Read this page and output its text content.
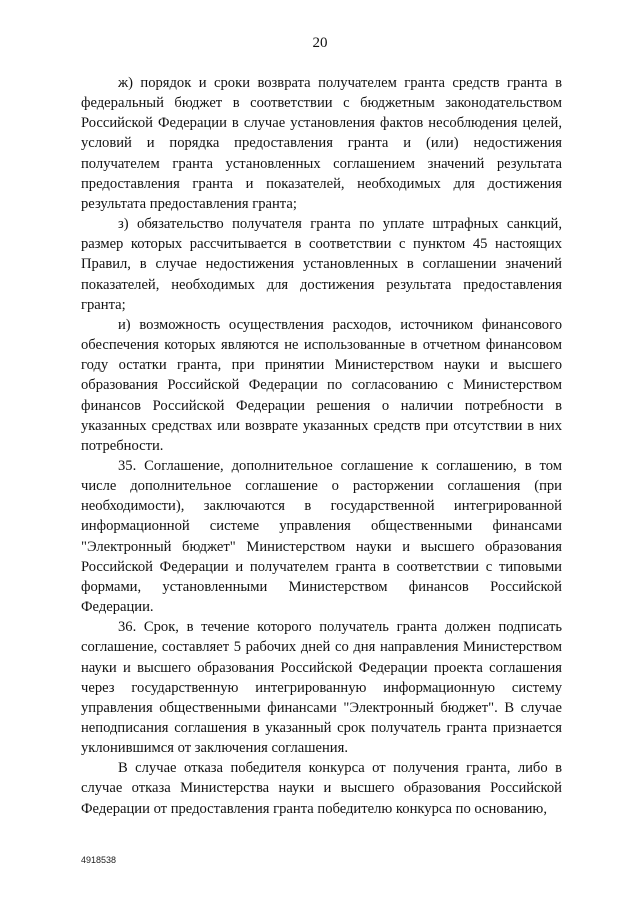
20

ж) порядок и сроки возврата получателем гранта средств гранта в федеральный бюджет в соответствии с бюджетным законодательством Российской Федерации в случае установления фактов несоблюдения целей, условий и порядка предоставления гранта и (или) недостижения получателем гранта установленных соглашением значений результата предоставления гранта и показателей, необходимых для достижения результата предоставления гранта;

з) обязательство получателя гранта по уплате штрафных санкций, размер которых рассчитывается в соответствии с пунктом 45 настоящих Правил, в случае недостижения установленных в соглашении значений показателей, необходимых для достижения результата предоставления гранта;

и) возможность осуществления расходов, источником финансового обеспечения которых являются не использованные в отчетном финансовом году остатки гранта, при принятии Министерством науки и высшего образования Российской Федерации по согласованию с Министерством финансов Российской Федерации решения о наличии потребности в указанных средствах или возврате указанных средств при отсутствии в них потребности.

35. Соглашение, дополнительное соглашение к соглашению, в том числе дополнительное соглашение о расторжении соглашения (при необходимости), заключаются в государственной интегрированной информационной системе управления общественными финансами "Электронный бюджет" Министерством науки и высшего образования Российской Федерации и получателем гранта в соответствии с типовыми формами, установленными Министерством финансов Российской Федерации.

36. Срок, в течение которого получатель гранта должен подписать соглашение, составляет 5 рабочих дней со дня направления Министерством науки и высшего образования Российской Федерации проекта соглашения через государственную интегрированную информационную систему управления общественными финансами "Электронный бюджет". В случае неподписания соглашения в указанный срок получатель гранта признается уклонившимся от заключения соглашения.

В случае отказа победителя конкурса от получения гранта, либо в случае отказа Министерства науки и высшего образования Российской Федерации от предоставления гранта победителю конкурса по основанию,

4918538
